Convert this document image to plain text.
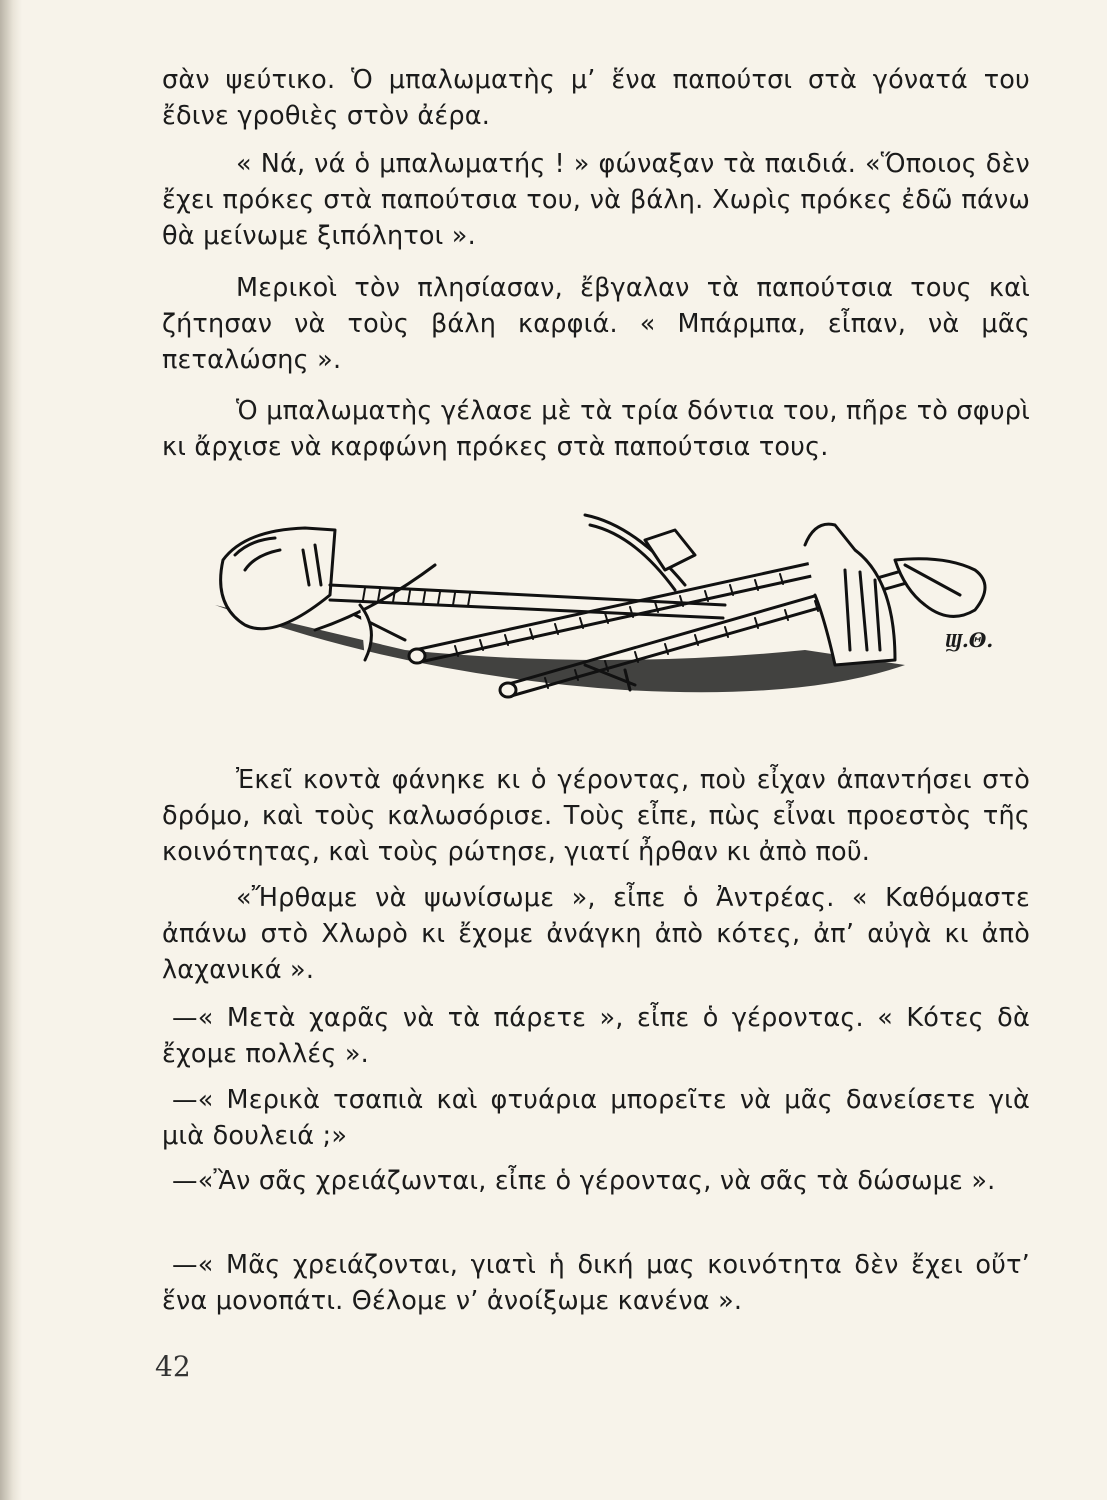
σὰν ψεύτικο. Ὁ μπαλωματὴς μ’ ἕνα παπούτσι στὰ γόνατά του ἔδινε γροθιὲς στὸν ἀέρα.

« Νά, νά ὁ μπαλωματής ! » φώναξαν τὰ παιδιά. «Ὅποιος δὲν ἔχει πρόκες στὰ παπούτσια του, νὰ βάλη. Χωρὶς πρόκες ἐδῶ πάνω θὰ μείνωμε ξιπόλητοι ».

Μερικοὶ τὸν πλησίασαν, ἔβγαλαν τὰ παπούτσια τους καὶ ζήτησαν νὰ τοὺς βάλη καρφιά. « Μπάρμπα, εἶπαν, νὰ μᾶς πεταλώσης ».

Ὁ μπαλωματὴς γέλασε μὲ τὰ τρία δόντια του, πῆρε τὸ σφυρὶ κι ἄρχισε νὰ καρφώνη πρόκες στὰ παπούτσια τους.

Ϣ.Θ.

Ἐκεῖ κοντὰ φάνηκε κι ὁ γέροντας, ποὺ εἶχαν ἀπαντήσει στὸ δρόμο, καὶ τοὺς καλωσόρισε. Τοὺς εἶπε, πὼς εἶναι προεστὸς τῆς κοινότητας, καὶ τοὺς ρώτησε, γιατί ἦρθαν κι ἀπὸ ποῦ.

«Ἤρθαμε νὰ ψωνίσωμε », εἶπε ὁ Ἀντρέας. « Καθόμαστε ἀπάνω στὸ Χλωρὸ κι ἔχομε ἀνάγκη ἀπὸ κότες, ἀπ’ αὐγὰ κι ἀπὸ λαχανικά ».

—« Μετὰ χαρᾶς νὰ τὰ πάρετε », εἶπε ὁ γέροντας. « Κότες δὰ ἔχομε πολλές ».

—« Μερικὰ τσαπιὰ καὶ φτυάρια μπορεῖτε νὰ μᾶς δανείσετε γιὰ μιὰ δουλειά ;»

—«Ἂν σᾶς χρειάζωνται, εἶπε ὁ γέροντας, νὰ σᾶς τὰ δώσωμε ».

—« Μᾶς χρειάζονται, γιατὶ ἡ δική μας κοινότητα δὲν ἔχει οὔτ’ ἕνα μονοπάτι. Θέλομε ν’ ἀνοίξωμε κανένα ».

42
